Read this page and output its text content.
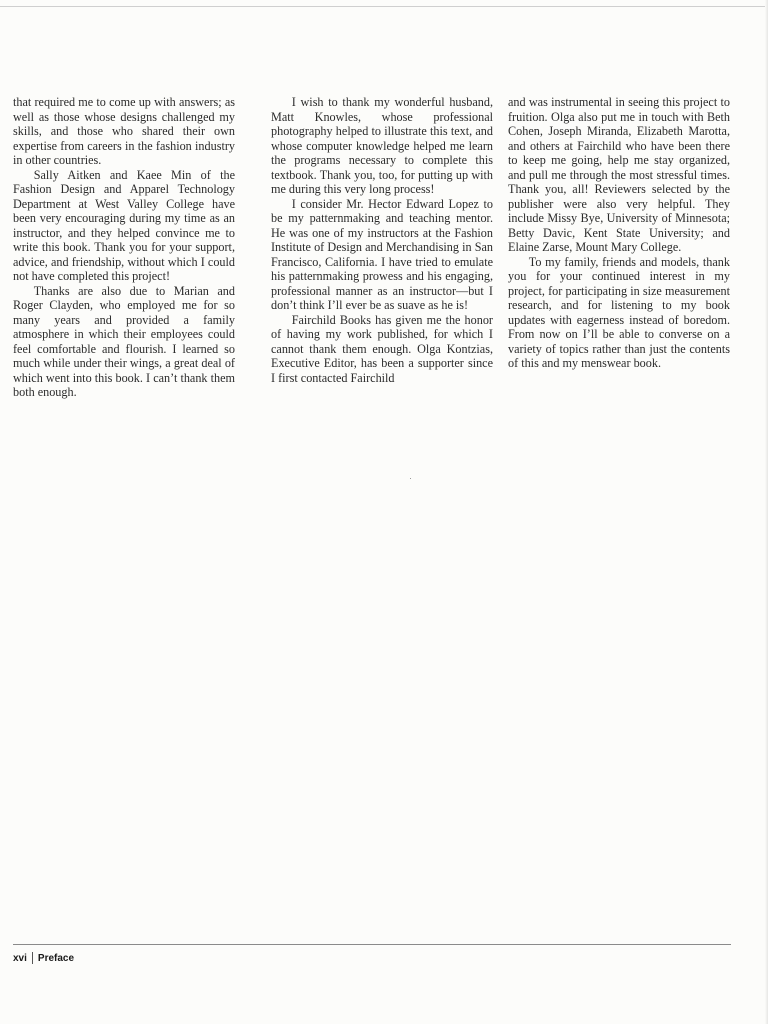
that required me to come up with answers; as well as those whose designs challenged my skills, and those who shared their own expertise from careers in the fashion industry in other countries.

Sally Aitken and Kaee Min of the Fashion Design and Apparel Technology Department at West Valley College have been very encouraging during my time as an instructor, and they helped convince me to write this book. Thank you for your support, advice, and friendship, without which I could not have completed this project!

Thanks are also due to Marian and Roger Clayden, who employed me for so many years and provided a family atmosphere in which their employees could feel comfortable and flourish. I learned so much while under their wings, a great deal of which went into this book. I can’t thank them both enough.

I wish to thank my wonderful husband, Matt Knowles, whose professional photography helped to illustrate this text, and whose computer knowledge helped me learn the programs necessary to complete this textbook. Thank you, too, for putting up with me during this very long process!

I consider Mr. Hector Edward Lopez to be my patternmaking and teaching mentor. He was one of my instructors at the Fashion Institute of Design and Merchandising in San Francisco, California. I have tried to emulate his patternmaking prowess and his engaging, professional manner as an instructor—but I don’t think I’ll ever be as suave as he is!

Fairchild Books has given me the honor of having my work published, for which I cannot thank them enough. Olga Kontzias, Executive Editor, has been a supporter since I first contacted Fairchild

and was instrumental in seeing this project to fruition. Olga also put me in touch with Beth Cohen, Joseph Miranda, Elizabeth Marotta, and others at Fairchild who have been there to keep me going, help me stay organized, and pull me through the most stressful times. Thank you, all! Reviewers selected by the publisher were also very helpful. They include Missy Bye, University of Minnesota; Betty Davic, Kent State University; and Elaine Zarse, Mount Mary College.

To my family, friends and models, thank you for your continued interest in my project, for participating in size measurement research, and for listening to my book updates with eagerness instead of boredom. From now on I’ll be able to converse on a variety of topics rather than just the contents of this and my menswear book.

xvi Preface
